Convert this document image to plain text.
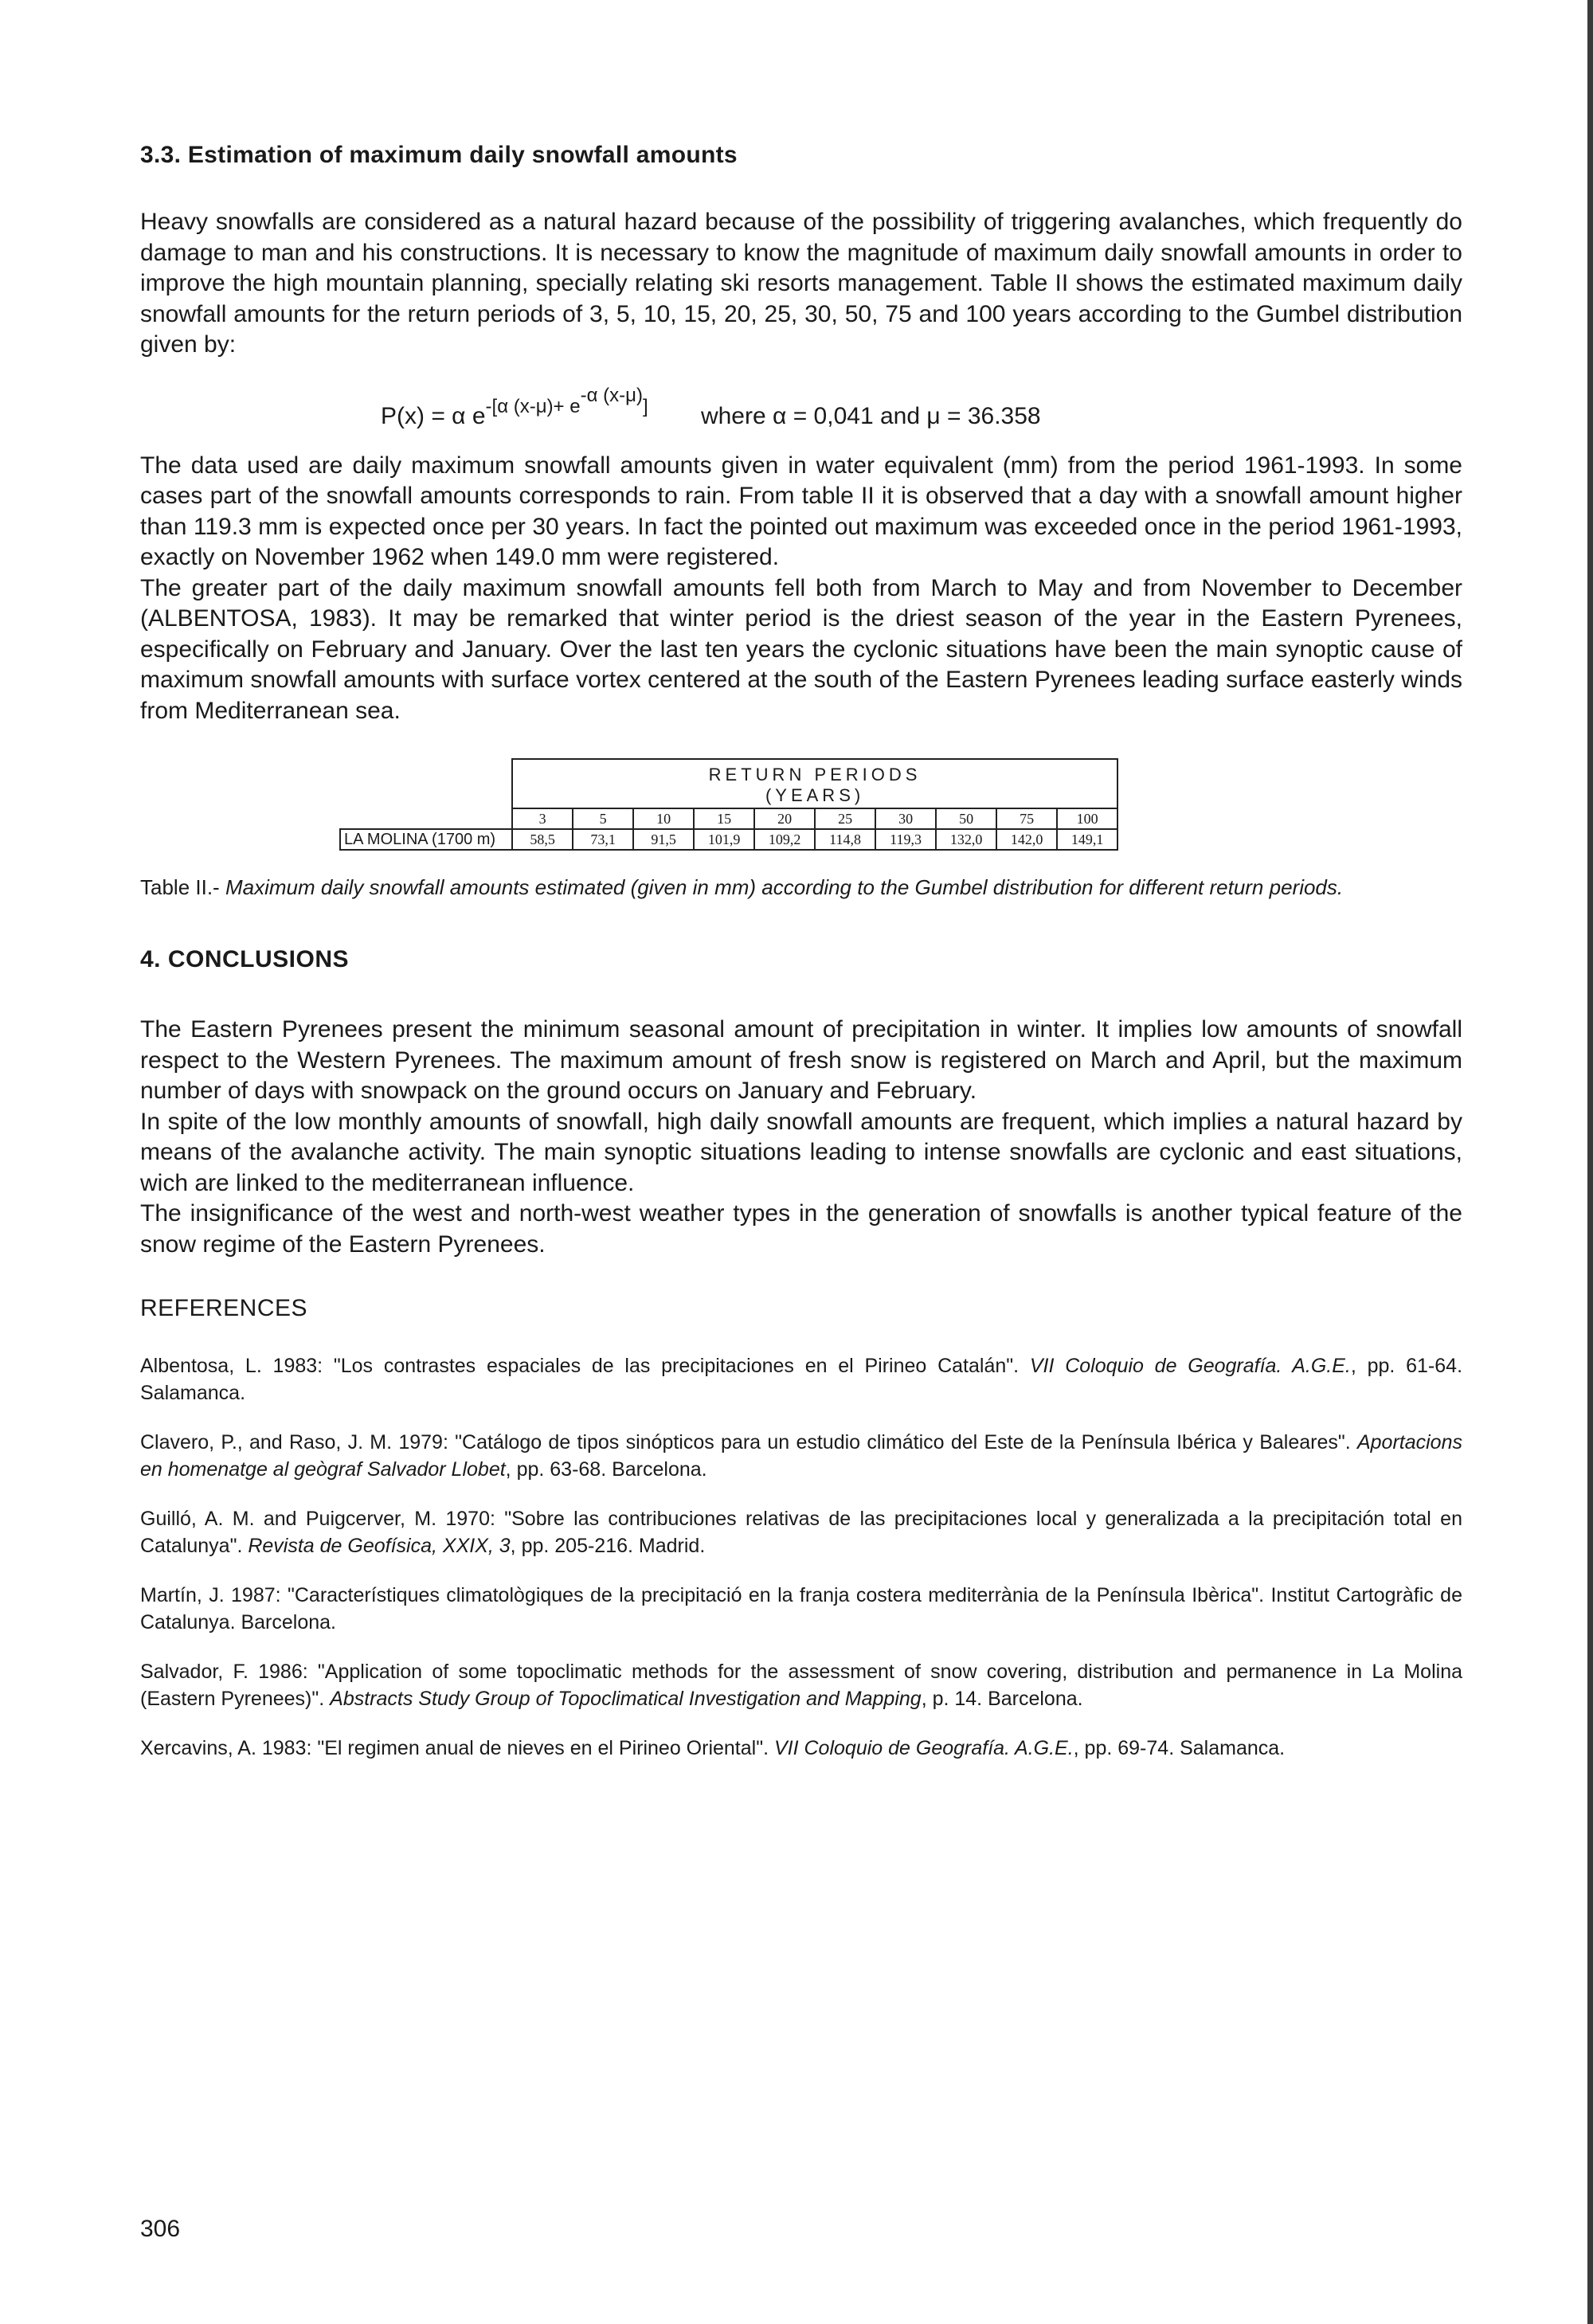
3.3. Estimation of maximum daily snowfall amounts

Heavy snowfalls are considered as a natural hazard because of the possibility of triggering avalanches, which frequently do damage to man and his constructions. It is necessary to know the magnitude of maximum daily snowfall amounts in order to improve the high mountain planning, specially relating ski resorts management. Table II shows the estimated maximum daily snowfall amounts for the return periods of 3, 5, 10, 15, 20, 25, 30, 50, 75 and 100 years according to the Gumbel distribution given by:

P(x) = α $e^{-[\alpha (x-\mu)+ e^{-\alpha (x-\mu)}]}$ where α = 0,041 and μ = 36.358

The data used are daily maximum snowfall amounts given in water equivalent (mm) from the period 1961-1993. In some cases part of the snowfall amounts corresponds to rain. From table II it is observed that a day with a snowfall amount higher than 119.3 mm is expected once per 30 years. In fact the pointed out maximum was exceeded once in the period 1961-1993, exactly on November 1962 when 149.0 mm were registered.

The greater part of the daily maximum snowfall amounts fell both from March to May and from November to December (ALBENTOSA, 1983). It may be remarked that winter period is the driest season of the year in the Eastern Pyrenees, especifically on February and January. Over the last ten years the cyclonic situations have been the main synoptic cause of maximum snowfall amounts with surface vortex centered at the south of the Eastern Pyrenees leading surface easterly winds from Mediterranean sea.

	RETURN PERIODS
(YEARS)									

	3	5	10	15	20	25	30	50	75	100
LA MOLINA (1700 m)	58,5	73,1	91,5	101,9	109,2	114,8	119,3	132,0	142,0	149,1

Table II.- Maximum daily snowfall amounts estimated (given in mm) according to the Gumbel distribution for different return periods.

4. CONCLUSIONS

The Eastern Pyrenees present the minimum seasonal amount of precipitation in winter. It implies low amounts of snowfall respect to the Western Pyrenees. The maximum amount of fresh snow is registered on March and April, but the maximum number of days with snowpack on the ground occurs on January and February.

In spite of the low monthly amounts of snowfall, high daily snowfall amounts are frequent, which implies a natural hazard by means of the avalanche activity. The main synoptic situations leading to intense snowfalls are cyclonic and east situations, wich are linked to the mediterranean influence.

The insignificance of the west and north-west weather types in the generation of snowfalls is another typical feature of the snow regime of the Eastern Pyrenees.

REFERENCES

Albentosa, L. 1983: "Los contrastes espaciales de las precipitaciones en el Pirineo Catalán". VII Coloquio de Geografía. A.G.E., pp. 61-64. Salamanca.

Clavero, P., and Raso, J. M. 1979: "Catálogo de tipos sinópticos para un estudio climático del Este de la Península Ibérica y Baleares". Aportacions en homenatge al geògraf Salvador Llobet, pp. 63-68. Barcelona.

Guilló, A. M. and Puigcerver, M. 1970: "Sobre las contribuciones relativas de las precipitaciones local y generalizada a la precipitación total en Catalunya". Revista de Geofísica, XXIX, 3, pp. 205-216. Madrid.

Martín, J. 1987: "Característiques climatològiques de la precipitació en la franja costera mediterrània de la Península Ibèrica". Institut Cartogràfic de Catalunya. Barcelona.

Salvador, F. 1986: "Application of some topoclimatic methods for the assessment of snow covering, distribution and permanence in La Molina (Eastern Pyrenees)". Abstracts Study Group of Topoclimatical Investigation and Mapping, p. 14. Barcelona.

Xercavins, A. 1983: "El regimen anual de nieves en el Pirineo Oriental". VII Coloquio de Geografía. A.G.E., pp. 69-74. Salamanca.

306
